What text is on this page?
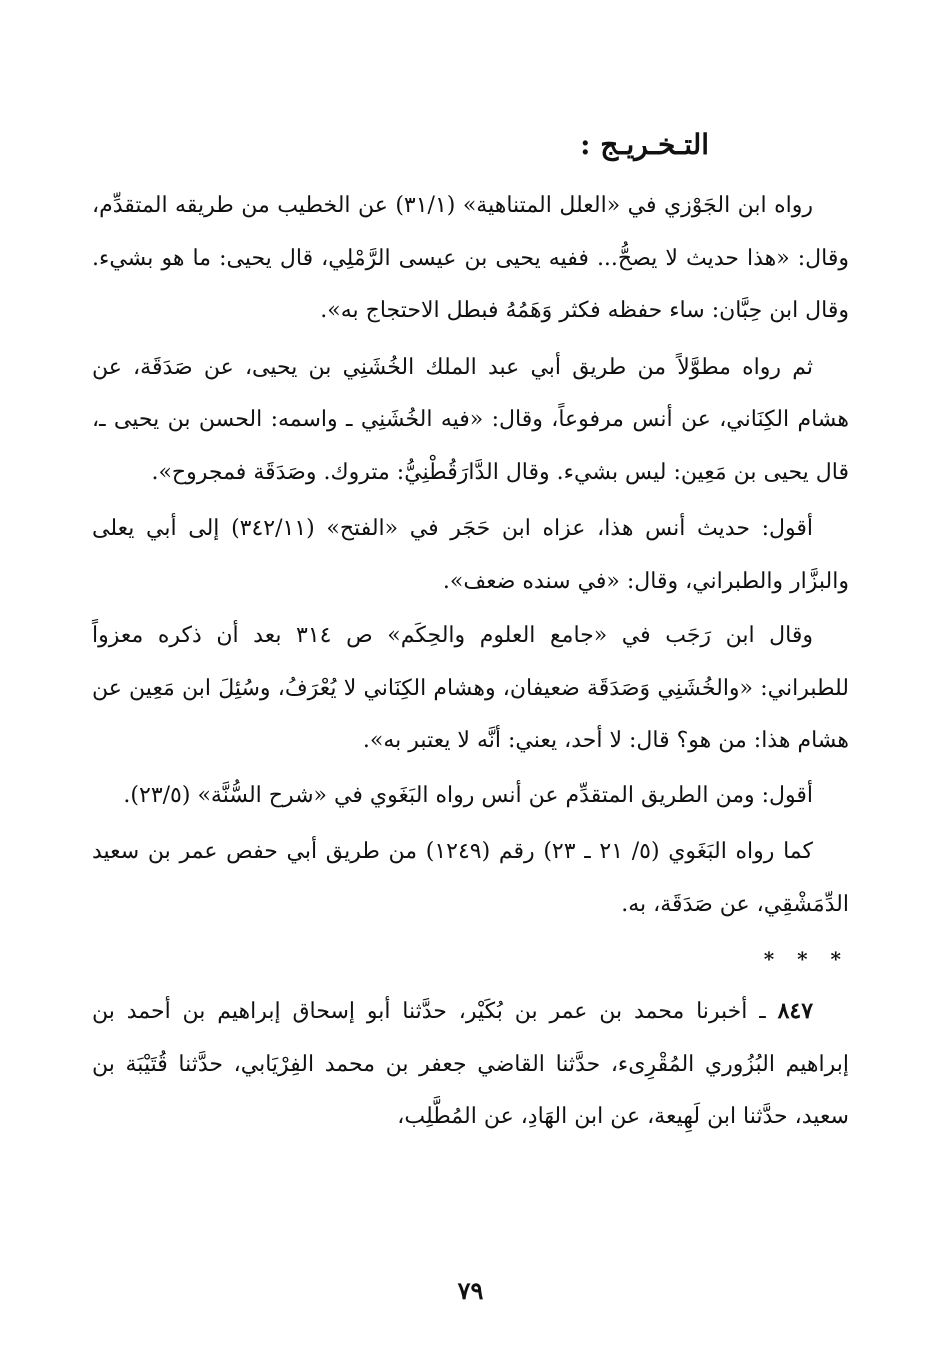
التـخـريـج :

رواه ابن الجَوْزي في «العلل المتناهية» (٣١/١) عن الخطيب من طريقه المتقدِّم، وقال: «هذا حديث لا يصحُّ... ففيه يحيى بن عيسى الرَّمْلِي، قال يحيى: ما هو بشيء. وقال ابن حِبَّان: ساء حفظه فكثر وَهَمُهُ فبطل الاحتجاج به».

ثم رواه مطوَّلاً من طريق أبي عبد الملك الخُشَنِي بن يحيى، عن صَدَقَة، عن هشام الكِنَاني، عن أنس مرفوعاً، وقال: «فيه الخُشَنِي ـ واسمه: الحسن بن يحيى ـ، قال يحيى بن مَعِين: ليس بشيء. وقال الدَّارَقُطْنِيُّ: متروك. وصَدَقَة فمجروح».

أقول: حديث أنس هذا، عزاه ابن حَجَر في «الفتح» (٣٤٢/١١) إلى أبي يعلى والبزَّار والطبراني، وقال: «في سنده ضعف».

وقال ابن رَجَب في «جامع العلوم والحِكَم» ص ٣١٤ بعد أن ذكره معزواً للطبراني: «والخُشَنِي وَصَدَقَة ضعيفان، وهشام الكِنَاني لا يُعْرَفُ، وسُئِلَ ابن مَعِين عن هشام هذا: من هو؟ قال: لا أحد، يعني: أنَّه لا يعتبر به».

أقول: ومن الطريق المتقدِّم عن أنس رواه البَغَوي في «شرح السُّنَّة» (٢٣/٥).

كما رواه البَغَوي (٥/ ٢١ ـ ٢٣) رقم (١٢٤٩) من طريق أبي حفص عمر بن سعيد الدِّمَشْقِي، عن صَدَقَة، به.

* * *

٨٤٧ ـ أخبرنا محمد بن عمر بن بُكَيْر، حدَّثنا أبو إسحاق إبراهيم بن أحمد بن إبراهيم البُزُوري المُقْرِىء، حدَّثنا القاضي جعفر بن محمد الفِرْيَابي، حدَّثنا قُتَيْبَة بن سعيد، حدَّثنا ابن لَهِيعة، عن ابن الهَادِ، عن المُطَّلِب،

٧٩
